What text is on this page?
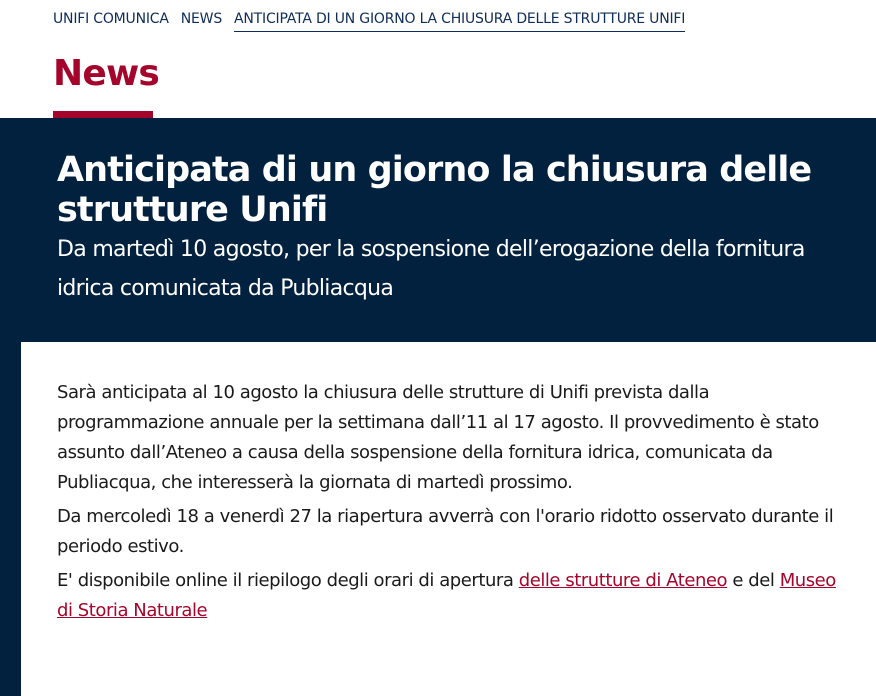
UNIFI COMUNICA NEWS ANTICIPATA DI UN GIORNO LA CHIUSURA DELLE STRUTTURE UNIFI
News
Anticipata di un giorno la chiusura delle strutture Unifi
Da martedì 10 agosto, per la sospensione dell’erogazione della fornitura idrica comunicata da Publiacqua

Sarà anticipata al 10 agosto la chiusura delle strutture di Unifi prevista dalla programmazione annuale per la settimana dall’11 al 17 agosto. Il provvedimento è stato assunto dall’Ateneo a causa della sospensione della fornitura idrica, comunicata da Publiacqua, che interesserà la giornata di martedì prossimo.

Da mercoledì 18 a venerdì 27 la riapertura avverrà con l'orario ridotto osservato durante il periodo estivo.

E' disponibile online il riepilogo degli orari di apertura delle strutture di Ateneo e del Museo di Storia Naturale
